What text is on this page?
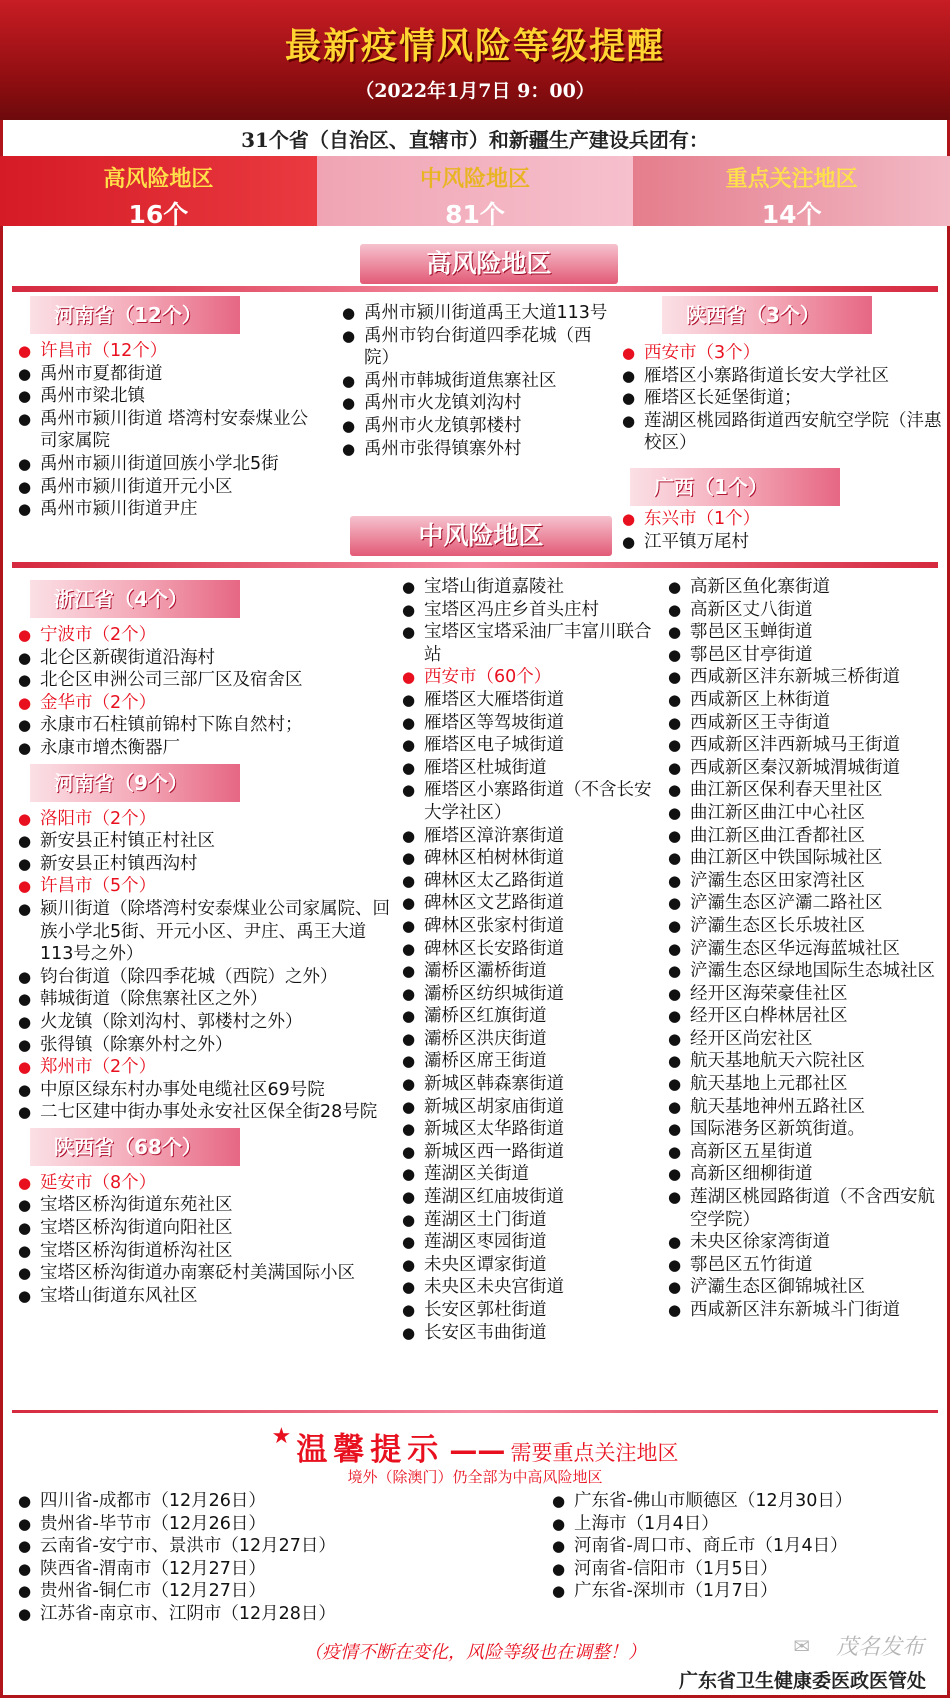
最新疫情风险等级提醒
（2022年1月7日 9：00）
31个省（自治区、直辖市）和新疆生产建设兵团有：
高风险地区
16个
中风险地区
81个
重点关注地区
14个
高风险地区
河南省（12个）
● 许昌市（12个）
● 禹州市夏都街道
● 禹州市梁北镇
● 禹州市颍川街道 塔湾村安泰煤业公司家属院
● 禹州市颍川街道回族小学北5街
● 禹州市颍川街道开元小区
● 禹州市颍川街道尹庄
● 禹州市颍川街道禹王大道113号
● 禹州市钧台街道四季花城（西院）
● 禹州市韩城街道焦寨社区
● 禹州市火龙镇刘沟村
● 禹州市火龙镇郭楼村
● 禹州市张得镇寨外村
陕西省（3个）
● 西安市（3个）
● 雁塔区小寨路街道长安大学社区
● 雁塔区长延堡街道；
● 莲湖区桃园路街道西安航空学院（沣惠校区）
广西（1个）
● 东兴市（1个）
● 江平镇万尾村
中风险地区
浙江省（4个）
● 宁波市（2个）
● 北仑区新碶街道沿海村
● 北仑区申洲公司三部厂区及宿舍区
● 金华市（2个）
● 永康市石柱镇前锦村下陈自然村；
● 永康市增杰衡器厂
河南省（9个）
● 洛阳市（2个）
● 新安县正村镇正村社区
● 新安县正村镇西沟村
● 许昌市（5个）
● 颍川街道（除塔湾村安泰煤业公司家属院、回族小学北5街、开元小区、尹庄、禹王大道113号之外）
● 钧台街道（除四季花城（西院）之外）
● 韩城街道（除焦寨社区之外）
● 火龙镇（除刘沟村、郭楼村之外）
● 张得镇（除寨外村之外）
● 郑州市（2个）
● 中原区绿东村办事处电缆社区69号院
● 二七区建中街办事处永安社区保全街28号院
陕西省（68个）
● 延安市（8个）
● 宝塔区桥沟街道东苑社区
● 宝塔区桥沟街道向阳社区
● 宝塔区桥沟街道桥沟社区
● 宝塔区桥沟街道办南寨砭村美满国际小区
● 宝塔山街道东风社区
● 宝塔山街道嘉陵社
● 宝塔区冯庄乡首头庄村
● 宝塔区宝塔采油厂丰富川联合站
● 西安市（60个）
● 雁塔区大雁塔街道
● 雁塔区等驾坡街道
● 雁塔区电子城街道
● 雁塔区杜城街道
● 雁塔区小寨路街道（不含长安大学社区）
● 雁塔区漳浒寨街道
● 碑林区柏树林街道
● 碑林区太乙路街道
● 碑林区文艺路街道
● 碑林区张家村街道
● 碑林区长安路街道
● 灞桥区灞桥街道
● 灞桥区纺织城街道
● 灞桥区红旗街道
● 灞桥区洪庆街道
● 灞桥区席王街道
● 新城区韩森寨街道
● 新城区胡家庙街道
● 新城区太华路街道
● 新城区西一路街道
● 莲湖区关街道
● 莲湖区红庙坡街道
● 莲湖区土门街道
● 莲湖区枣园街道
● 未央区谭家街道
● 未央区未央宫街道
● 长安区郭杜街道
● 长安区韦曲街道
● 高新区鱼化寨街道
● 高新区丈八街道
● 鄠邑区玉蝉街道
● 鄠邑区甘亭街道
● 西咸新区沣东新城三桥街道
● 西咸新区上林街道
● 西咸新区王寺街道
● 西咸新区沣西新城马王街道
● 西咸新区秦汉新城渭城街道
● 曲江新区保利春天里社区
● 曲江新区曲江中心社区
● 曲江新区曲江香都社区
● 曲江新区中铁国际城社区
● 浐灞生态区田家湾社区
● 浐灞生态区浐灞二路社区
● 浐灞生态区长乐坡社区
● 浐灞生态区华远海蓝城社区
● 浐灞生态区绿地国际生态城社区
● 经开区海荣豪佳社区
● 经开区白桦林居社区
● 经开区尚宏社区
● 航天基地航天六院社区
● 航天基地上元郡社区
● 航天基地神州五路社区
● 国际港务区新筑街道。
● 高新区五星街道
● 高新区细柳街道
● 莲湖区桃园路街道（不含西安航空学院）
● 未央区徐家湾街道
● 鄠邑区五竹街道
● 浐灞生态区御锦城社区
● 西咸新区沣东新城斗门街道
★ 温馨提示 —— 需要重点关注地区
境外（除澳门）仍全部为中高风险地区
● 四川省-成都市（12月26日）
● 贵州省-毕节市（12月26日）
● 云南省-安宁市、景洪市（12月27日）
● 陕西省-渭南市（12月27日）
● 贵州省-铜仁市（12月27日）
● 江苏省-南京市、江阴市（12月28日）
● 广东省-佛山市顺德区（12月30日）
● 上海市（1月4日）
● 河南省-周口市、商丘市（1月4日）
● 河南省-信阳市（1月5日）
● 广东省-深圳市（1月7日）
（疫情不断在变化，风险等级也在调整！）	✉ 茂名发布
广东省卫生健康委医政医管处
